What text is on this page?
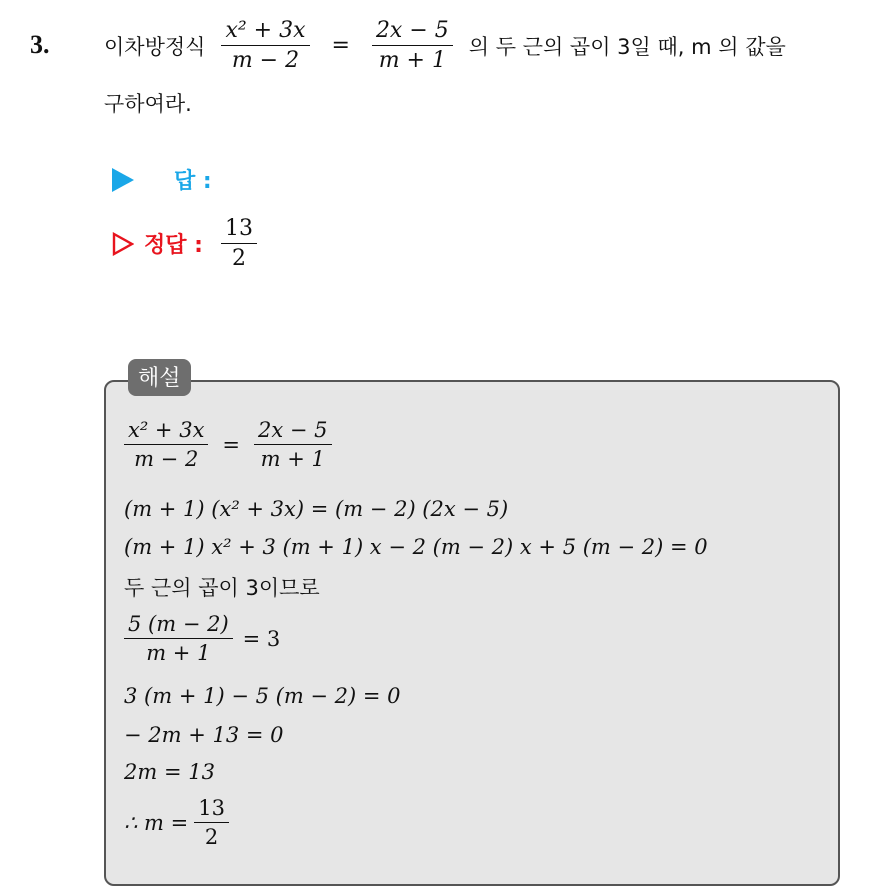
3.	이차방정식 $\frac{\text{x² + 3x}}{m - 2} = \frac{2x - 5}{m + 1}$ 의 두 근의 곱이 3일 때, m 의 값을
구하여라.
답 :
정답 : $\frac{13}{2}$
해설
$\frac{\text{x² + 3x}}{m - 2} = \frac{2x - 5}{m + 1}$
(m + 1) (x² + 3x) = (m − 2) (2x − 5)
(m + 1) x² + 3 (m + 1) x − 2 (m − 2) x + 5 (m − 2) = 0
두 근의 곱이 3이므로
$\frac{5 (m - 2)}{m + 1} = 3$
3 (m + 1) − 5 (m − 2) = 0
− 2m + 13 = 0
2m = 13
∴ $m = \frac{13}{2}$
